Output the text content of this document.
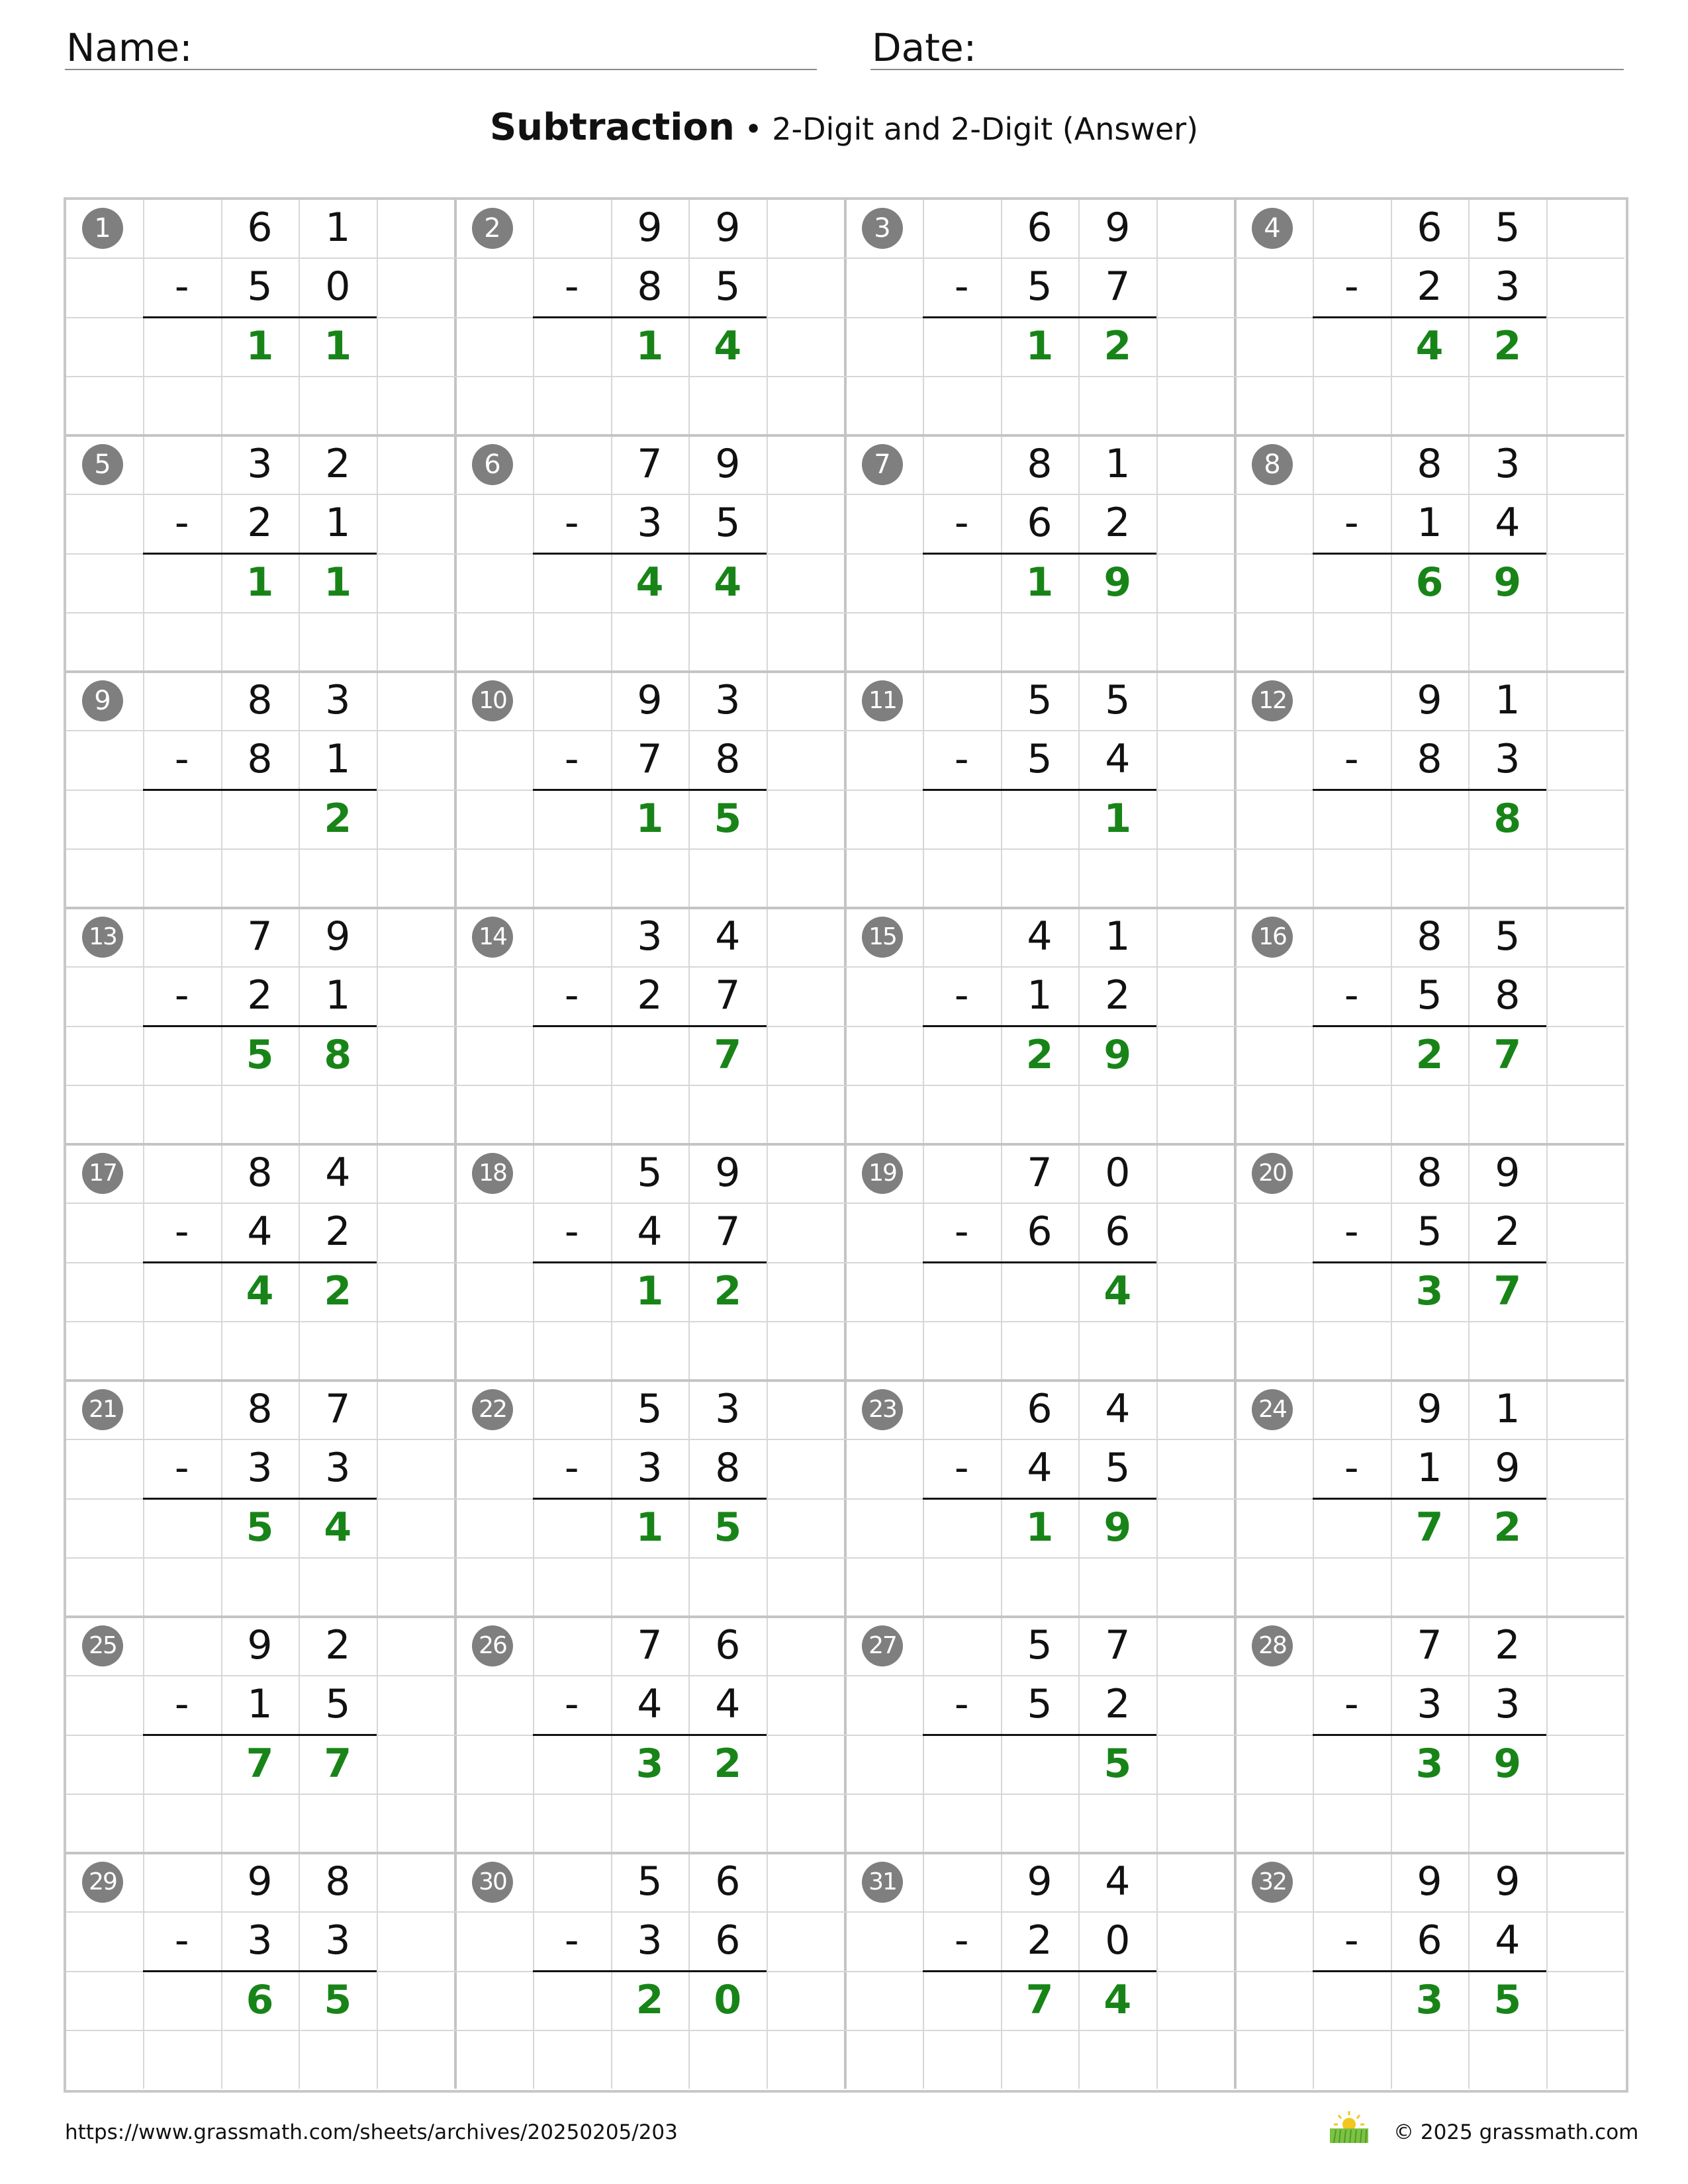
Name:	Date:
Subtraction • 2-Digit and 2-Digit (Answer)
1	6	1
-	5	0
1	1
2	9	9
-	8	5
1	4
3	6	9
-	5	7
1	2
4	6	5
-	2	3
4	2
5	3	2
-	2	1
1	1
6	7	9
-	3	5
4	4
7	8	1
-	6	2
1	9
8	8	3
-	1	4
6	9
9	8	3
-	8	1
2
10	9	3
-	7	8
1	5
11	5	5
-	5	4
1
12	9	1
-	8	3
8
13	7	9
-	2	1
5	8
14	3	4
-	2	7
7
15	4	1
-	1	2
2	9
16	8	5
-	5	8
2	7
17	8	4
-	4	2
4	2
18	5	9
-	4	7
1	2
19	7	0
-	6	6
4
20	8	9
-	5	2
3	7
21	8	7
-	3	3
5	4
22	5	3
-	3	8
1	5
23	6	4
-	4	5
1	9
24	9	1
-	1	9
7	2
25	9	2
-	1	5
7	7
26	7	6
-	4	4
3	2
27	5	7
-	5	2
5
28	7	2
-	3	3
3	9
29	9	8
-	3	3
6	5
30	5	6
-	3	6
2	0
31	9	4
-	2	0
7	4
32	9	9
-	6	4
3	5
https://www.grassmath.com/sheets/archives/20250205/203	© 2025 grassmath.com
